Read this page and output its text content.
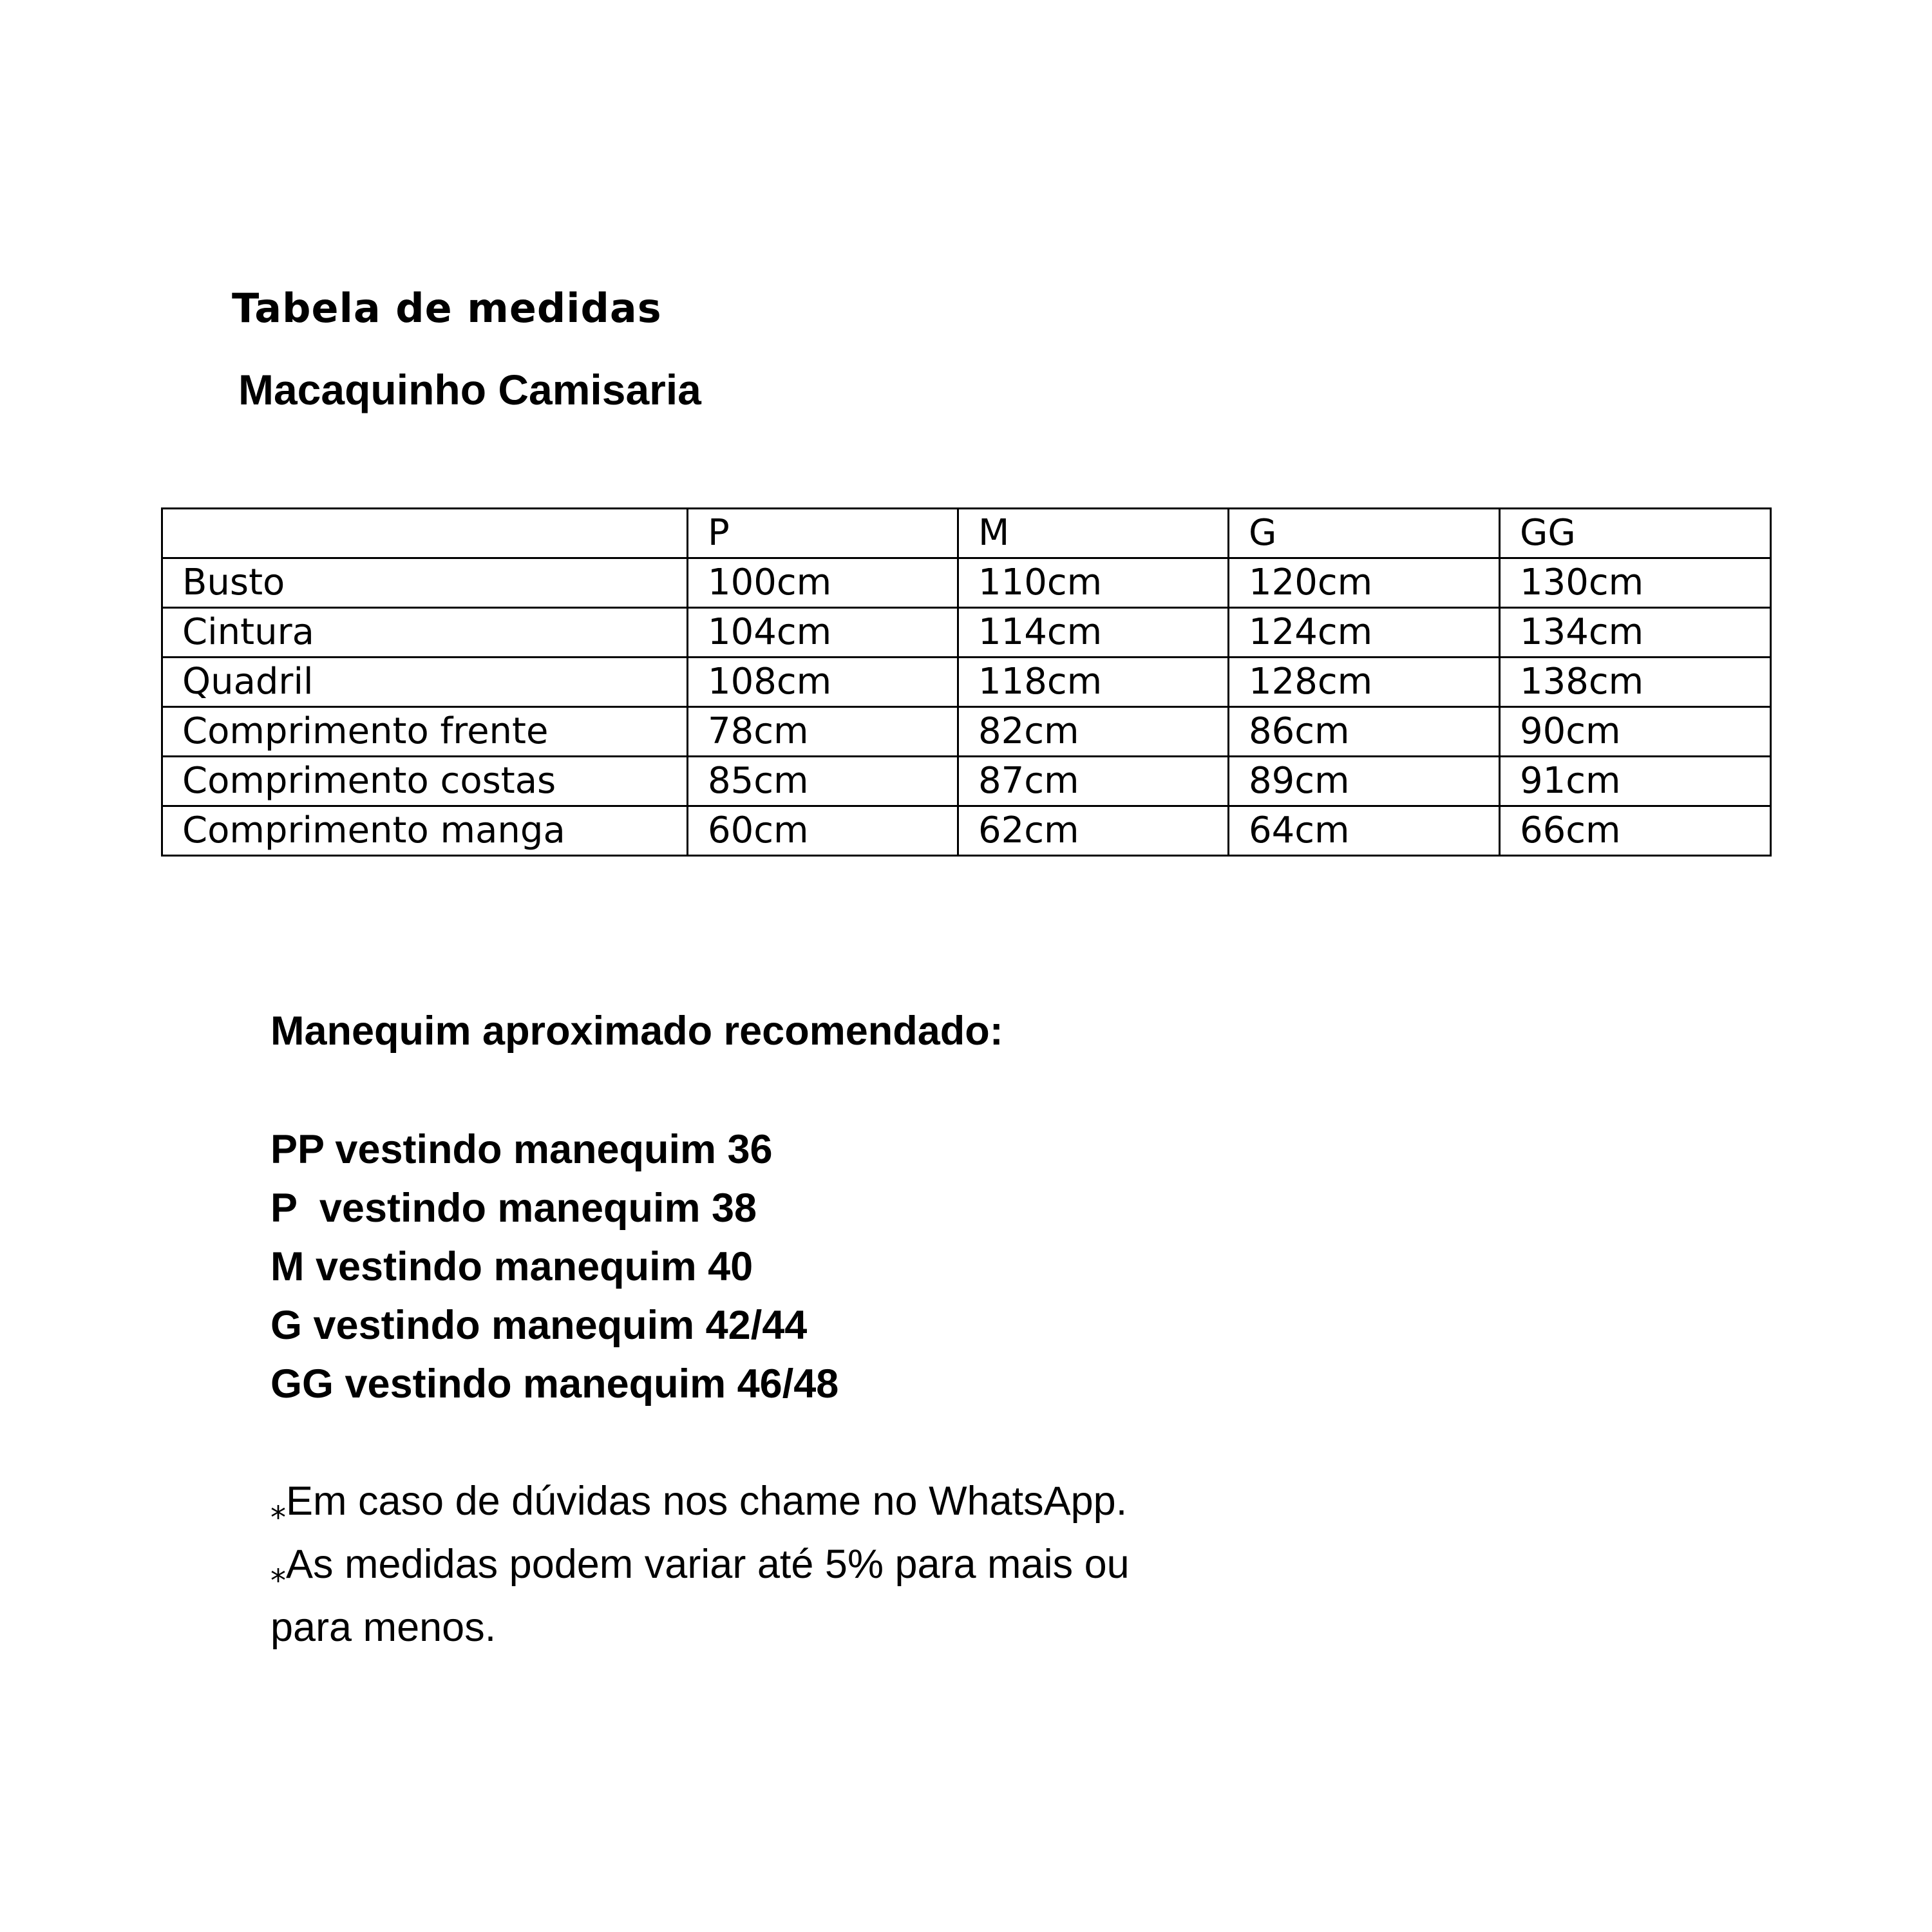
Tabela de medidas
Macaquinho Camisaria
	P	M	G	GG
Busto	100cm	110cm	120cm	130cm
Cintura	104cm	114cm	124cm	134cm
Quadril	108cm	118cm	128cm	138cm
Comprimento frente	78cm	82cm	86cm	90cm
Comprimento costas	85cm	87cm	89cm	91cm
Comprimento manga	60cm	62cm	64cm	66cm
Manequim aproximado recomendado:
PP vestindo manequim 36
P  vestindo manequim 38
M vestindo manequim 40
G vestindo manequim 42/44
GG vestindo manequim 46/48
⁎Em caso de dúvidas nos chame no WhatsApp.
⁎As medidas podem variar até 5% para mais ou
para menos.
